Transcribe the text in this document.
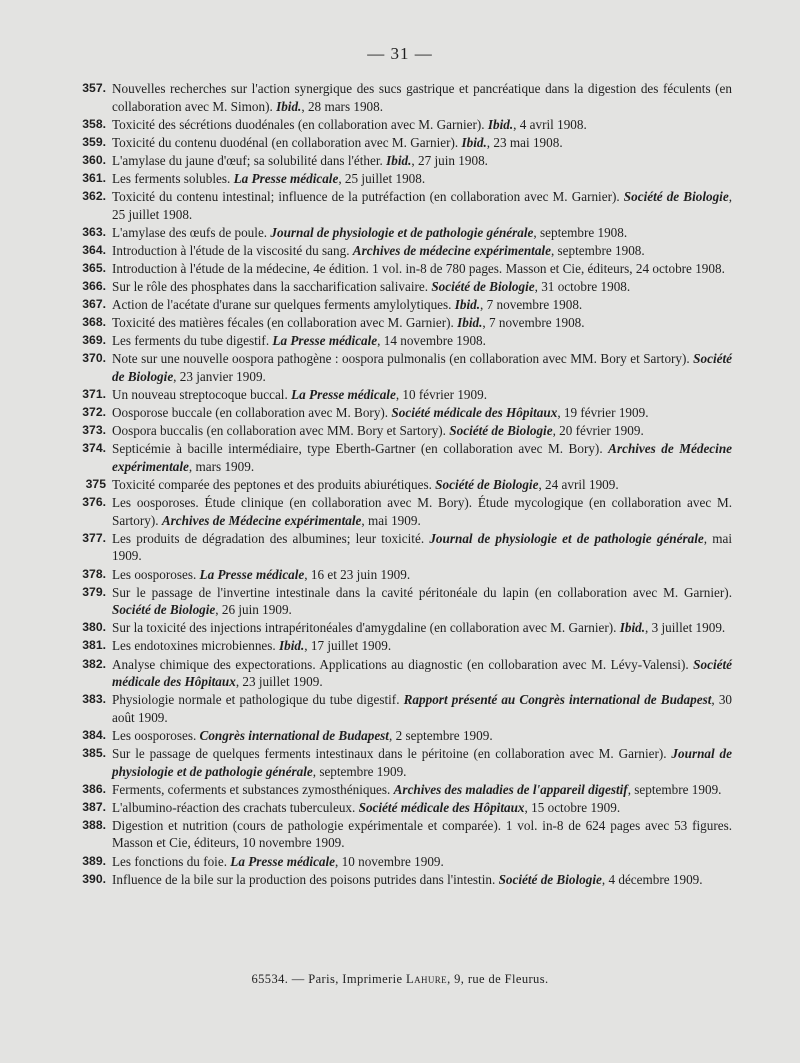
— 31 —
357. Nouvelles recherches sur l'action synergique des sucs gastrique et pancréatique dans la digestion des féculents (en collaboration avec M. Simon). Ibid., 28 mars 1908.
358. Toxicité des sécrétions duodénales (en collaboration avec M. Garnier). Ibid., 4 avril 1908.
359. Toxicité du contenu duodénal (en collaboration avec M. Garnier). Ibid., 23 mai 1908.
360. L'amylase du jaune d'œuf; sa solubilité dans l'éther. Ibid., 27 juin 1908.
361. Les ferments solubles. La Presse médicale, 25 juillet 1908.
362. Toxicité du contenu intestinal; influence de la putréfaction (en collaboration avec M. Garnier). Société de Biologie, 25 juillet 1908.
363. L'amylase des œufs de poule. Journal de physiologie et de pathologie générale, septembre 1908.
364. Introduction à l'étude de la viscosité du sang. Archives de médecine expérimentale, septembre 1908.
365. Introduction à l'étude de la médecine, 4e édition. 1 vol. in-8 de 780 pages. Masson et Cie, éditeurs, 24 octobre 1908.
366. Sur le rôle des phosphates dans la saccharification salivaire. Société de Biologie, 31 octobre 1908.
367. Action de l'acétate d'urane sur quelques ferments amylolytiques. Ibid., 7 novembre 1908.
368. Toxicité des matières fécales (en collaboration avec M. Garnier). Ibid., 7 novembre 1908.
369. Les ferments du tube digestif. La Presse médicale, 14 novembre 1908.
370. Note sur une nouvelle oospora pathogène : oospora pulmonalis (en collaboration avec MM. Bory et Sartory). Société de Biologie, 23 janvier 1909.
371. Un nouveau streptocoque buccal. La Presse médicale, 10 février 1909.
372. Oosporose buccale (en collaboration avec M. Bory). Société médicale des Hôpitaux, 19 février 1909.
373. Oospora buccalis (en collaboration avec MM. Bory et Sartory). Société de Biologie, 20 février 1909.
374. Septicémie à bacille intermédiaire, type Eberth-Gartner (en collaboration avec M. Bory). Archives de Médecine expérimentale, mars 1909.
375 Toxicité comparée des peptones et des produits abiurétiques. Société de Biologie, 24 avril 1909.
376. Les oosporoses. Étude clinique (en collaboration avec M. Bory). Étude mycologique (en collaboration avec M. Sartory). Archives de Médecine expérimentale, mai 1909.
377. Les produits de dégradation des albumines; leur toxicité. Journal de physiologie et de pathologie générale, mai 1909.
378. Les oosporoses. La Presse médicale, 16 et 23 juin 1909.
379. Sur le passage de l'invertine intestinale dans la cavité péritonéale du lapin (en collaboration avec M. Garnier). Société de Biologie, 26 juin 1909.
380. Sur la toxicité des injections intrapéritonéales d'amygdaline (en collaboration avec M. Garnier). Ibid., 3 juillet 1909.
381. Les endotoxines microbiennes. Ibid., 17 juillet 1909.
382. Analyse chimique des expectorations. Applications au diagnostic (en collobaration avec M. Lévy-Valensi). Société médicale des Hôpitaux, 23 juillet 1909.
383. Physiologie normale et pathologique du tube digestif. Rapport présenté au Congrès international de Budapest, 30 août 1909.
384. Les oosporoses. Congrès international de Budapest, 2 septembre 1909.
385. Sur le passage de quelques ferments intestinaux dans le péritoine (en collaboration avec M. Garnier). Journal de physiologie et de pathologie générale, septembre 1909.
386. Ferments, coferments et substances zymosthéniques. Archives des maladies de l'appareil digestif, septembre 1909.
387. L'albumino-réaction des crachats tuberculeux. Société médicale des Hôpitaux, 15 octobre 1909.
388. Digestion et nutrition (cours de pathologie expérimentale et comparée). 1 vol. in-8 de 624 pages avec 53 figures. Masson et Cie, éditeurs, 10 novembre 1909.
389. Les fonctions du foie. La Presse médicale, 10 novembre 1909.
390. Influence de la bile sur la production des poisons putrides dans l'intestin. Société de Biologie, 4 décembre 1909.
65534. — Paris, Imprimerie Lahure, 9, rue de Fleurus.
